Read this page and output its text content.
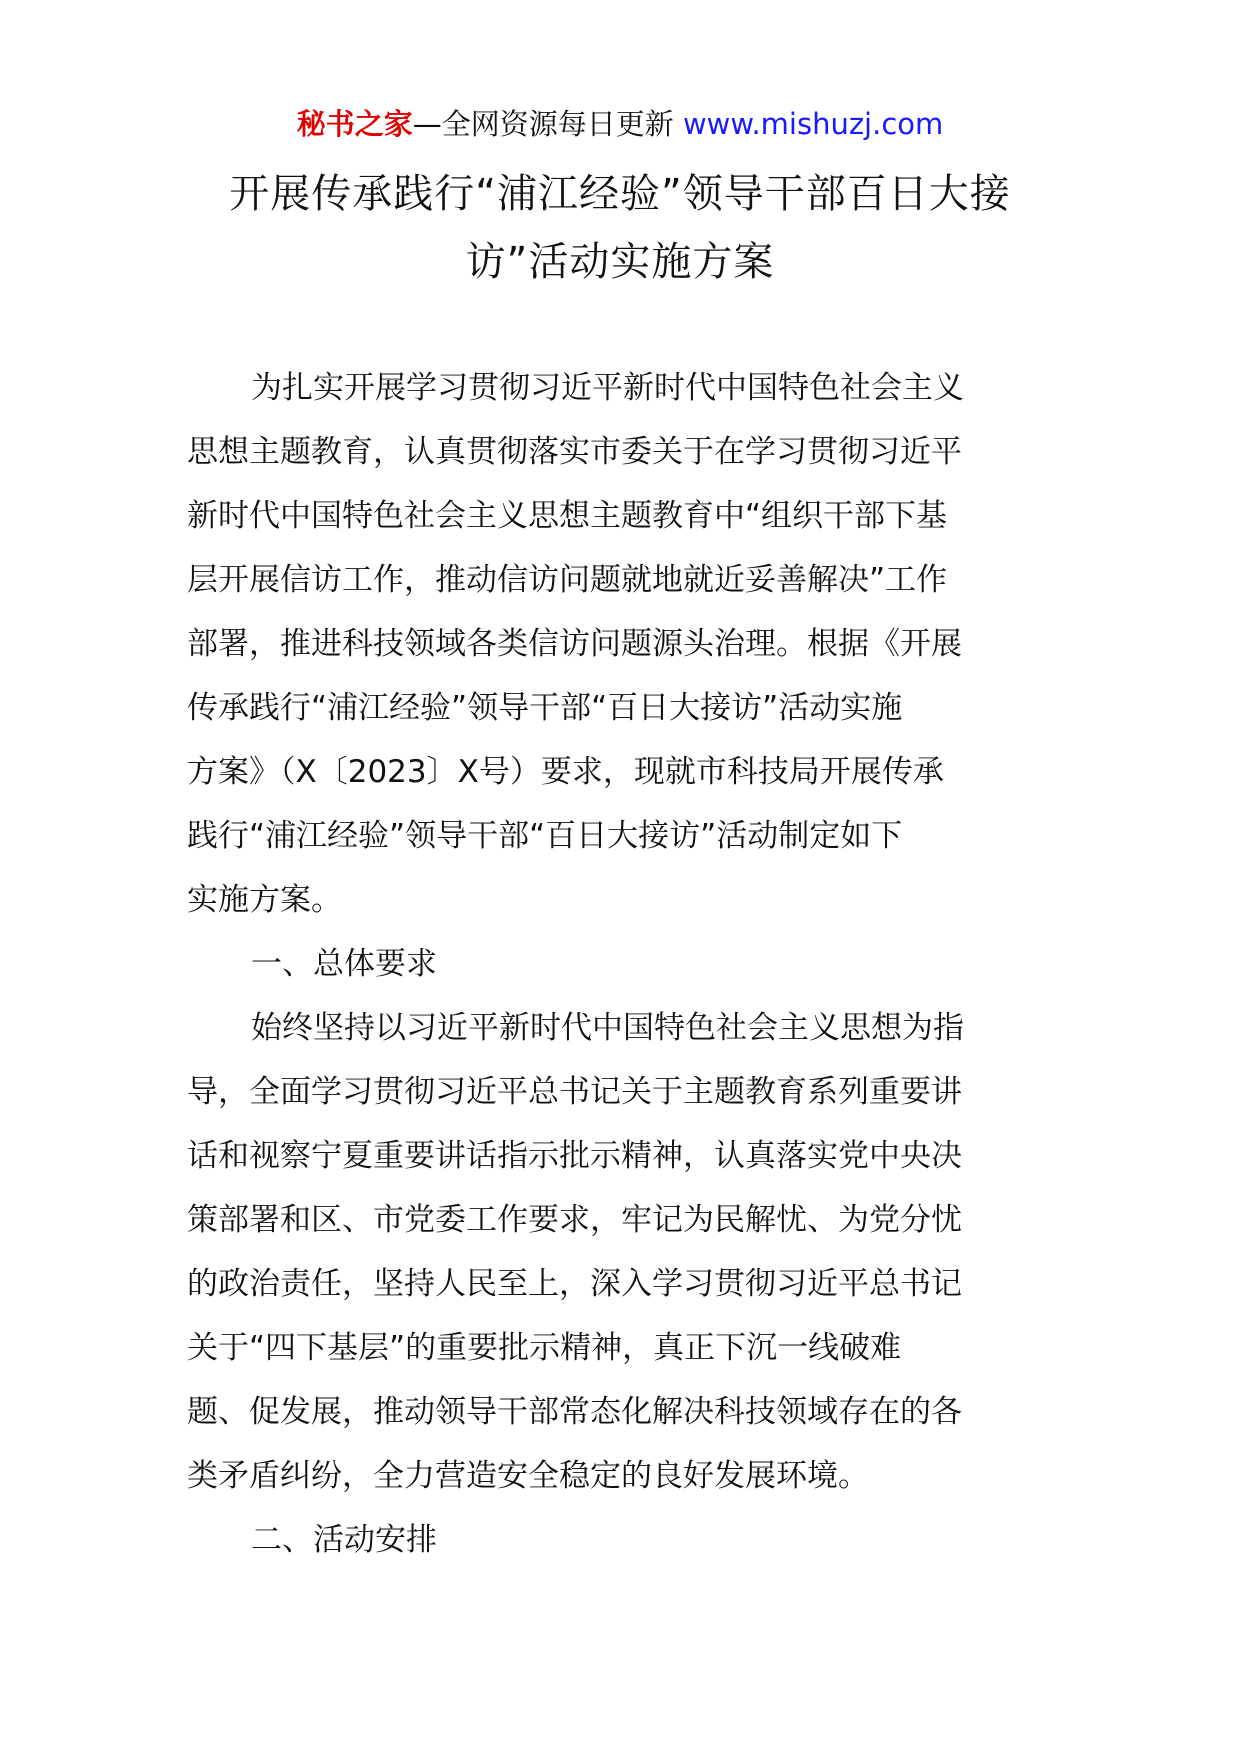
秘书之家—全网资源每日更新 www.mishuzj.com
开展传承践行“浦江经验”领导干部百日大接
访”活动实施方案
为扎实开展学习贯彻习近平新时代中国特色社会主义
思想主题教育，认真贯彻落实市委关于在学习贯彻习近平
新时代中国特色社会主义思想主题教育中“组织干部下基
层开展信访工作，推动信访问题就地就近妥善解决”工作
部署，推进科技领域各类信访问题源头治理。根据《开展
传承践行“浦江经验”领导干部“百日大接访”活动实施
方案》（X〔2023〕X号）要求，现就市科技局开展传承
践行“浦江经验”领导干部“百日大接访”活动制定如下
实施方案。
一、总体要求
始终坚持以习近平新时代中国特色社会主义思想为指
导，全面学习贯彻习近平总书记关于主题教育系列重要讲
话和视察宁夏重要讲话指示批示精神，认真落实党中央决
策部署和区、市党委工作要求，牢记为民解忧、为党分忧
的政治责任，坚持人民至上，深入学习贯彻习近平总书记
关于“四下基层”的重要批示精神，真正下沉一线破难
题、促发展，推动领导干部常态化解决科技领域存在的各
类矛盾纠纷，全力营造安全稳定的良好发展环境。
二、活动安排
